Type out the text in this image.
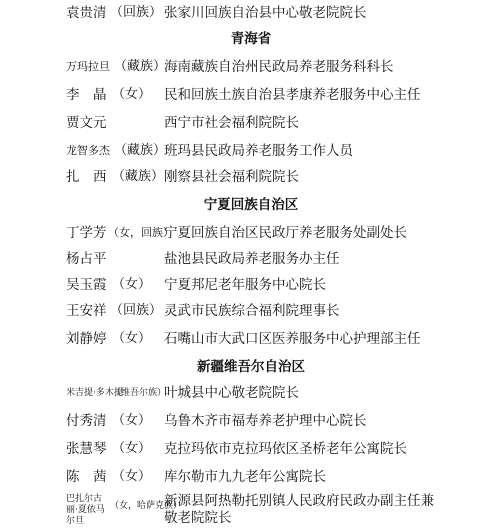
袁贵清 （回族） 张家川回族自治县中心敬老院院长
青海省
万玛拉旦 （藏族）
海南藏族自治州民政局养老服务科科长
李　晶 （女） 民和回族土族自治县孝康养老服务中心主任
贾文元	西宁市社会福利院院长
龙智多杰 （藏族）
班玛县民政局养老服务工作人员
扎　西 （藏族） 刚察县社会福利院院长
宁夏回族自治区
丁学芳 （女，回族）
宁夏回族自治区民政厅养老服务处副处长
杨占平	盐池县民政局养老服务办主任
吴玉霞 （女） 宁夏邦尼老年服务中心院长
王安祥 （回族） 灵武市民族综合福利院理事长
刘静婷 （女） 石嘴山市大武口区医养服务中心护理部主任
新疆维吾尔自治区
米吉提·多木提
（维吾尔族）
叶城县中心敬老院院长
付秀清 （女） 乌鲁木齐市福寿养老护理中心院长
张慧琴 （女） 克拉玛依市克拉玛依区圣桥老年公寓院长
陈　茜 （女） 库尔勒市九九老年公寓院长
巴扎尔古丽·夏依马尔旦
（女，哈萨克族）
新源县阿热勒托别镇人民政府民政办副主任兼
敬老院院长
